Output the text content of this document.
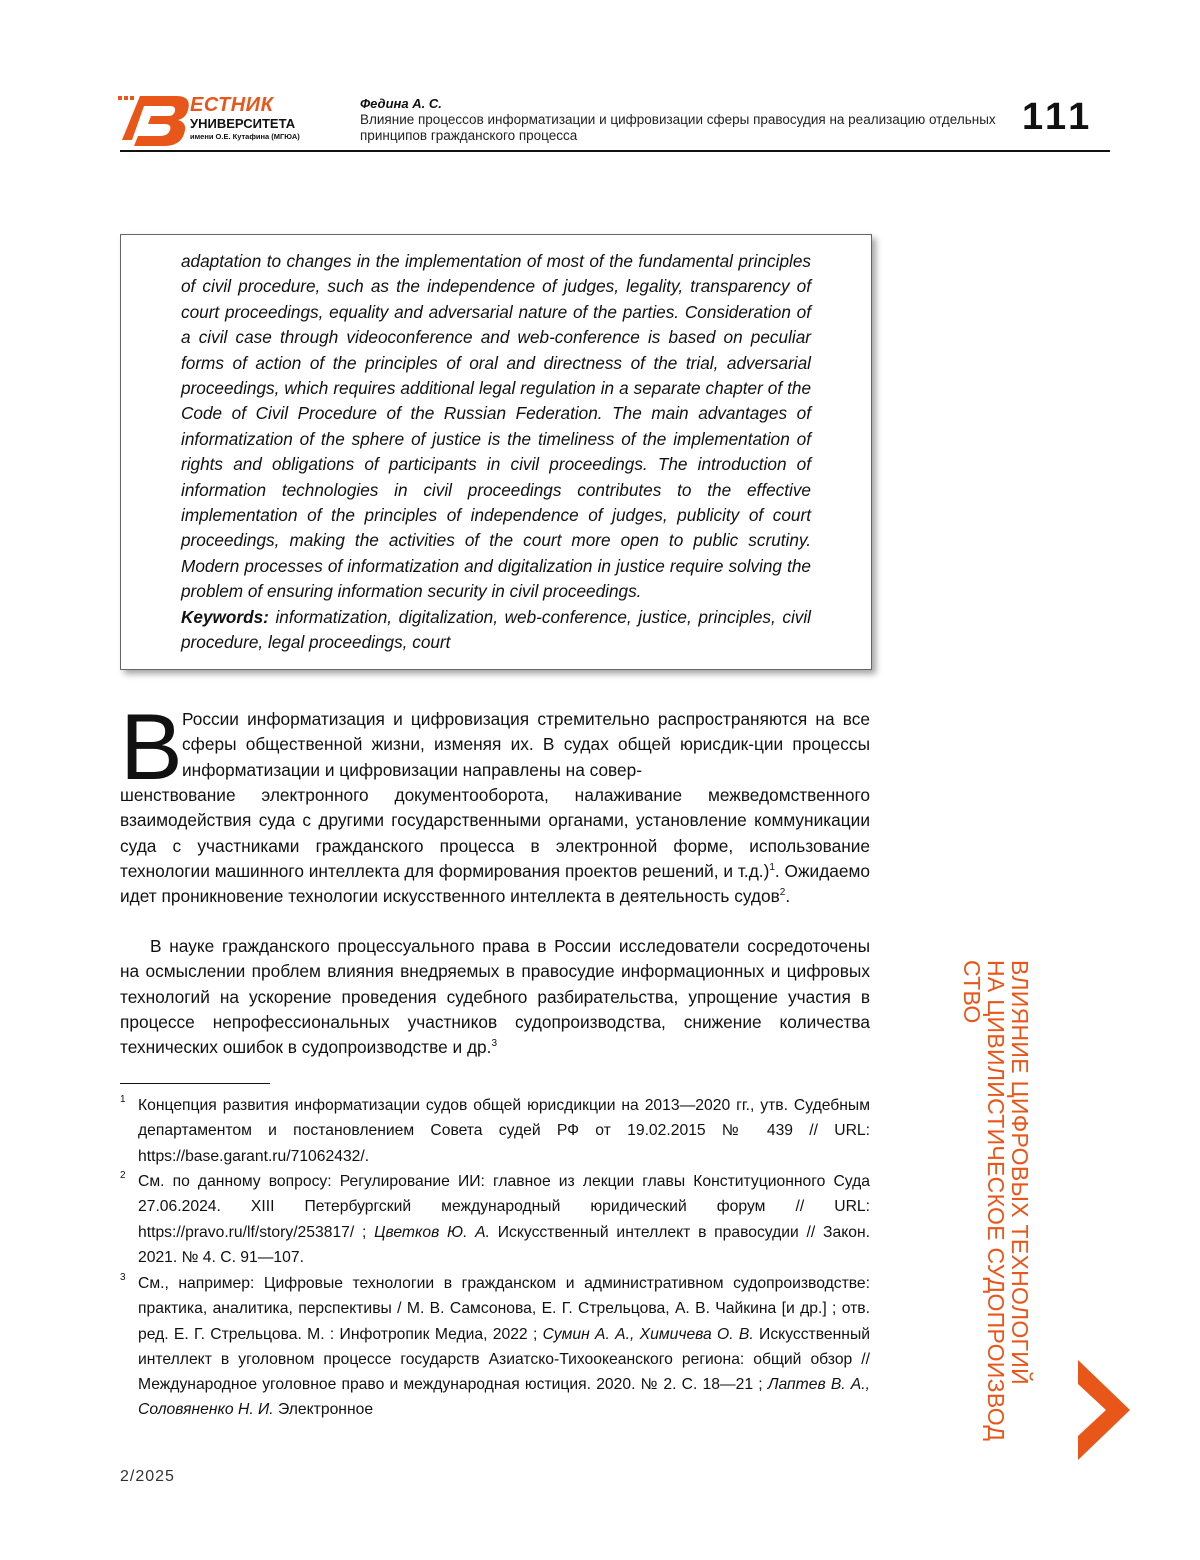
ЕСТНИК
УНИВЕРСИТЕТА
имени О.Е. Кутафина (МГЮА)
Федина А. С.
Влияние процессов информатизации и цифровизации сферы правосудия на реализацию отдельных принципов гражданского процесса	111

adaptation to changes in the implementation of most of the fundamental principles of civil procedure, such as the independence of judges, legality, transparency of court proceedings, equality and adversarial nature of the parties. Consideration of a civil case through videoconference and web-conference is based on peculiar forms of action of the principles of oral and directness of the trial, adversarial proceedings, which requires additional legal regulation in a separate chapter of the Code of Civil Procedure of the Russian Federation. The main advantages of informatization of the sphere of justice is the timeliness of the implementation of rights and obligations of participants in civil proceedings. The introduction of information technologies in civil proceedings contributes to the effective implementation of the principles of independence of judges, publicity of court proceedings, making the activities of the court more open to public scrutiny. Modern processes of informatization and digitalization in justice require solving the problem of ensuring information security in civil proceedings.
Keywords: informatization, digitalization, web-conference, justice, principles, civil procedure, legal proceedings, court

В России информатизация и цифровизация стремительно распространяются на все сферы общественной жизни, изменяя их. В судах общей юрисдик-ции процессы информатизации и цифровизации направлены на совер-

шенствование электронного документооборота, налаживание межведомственного взаимодействия суда с другими государственными органами, установление коммуникации суда с участниками гражданского процесса в электронной форме, использование технологии машинного интеллекта для формирования проектов решений, и т.д.)1. Ожидаемо идет проникновение технологии искусственного интеллекта в деятельность судов2.

В науке гражданского процессуального права в России исследователи сосредоточены на осмыслении проблем влияния внедряемых в правосудие информационных и цифровых технологий на ускорение проведения судебного разбирательства, упрощение участия в процессе непрофессиональных участников судопроизводства, снижение количества технических ошибок в судопроизводстве и др.3

1 Концепция развития информатизации судов общей юрисдикции на 2013—2020 гг., утв. Судебным департаментом и постановлением Совета судей РФ от 19.02.2015 № 439 // URL: https://base.garant.ru/71062432/.

2 См. по данному вопросу: Регулирование ИИ: главное из лекции главы Конституционного Суда 27.06.2024. XIII Петербургский международный юридический форум // URL: https://pravo.ru/lf/story/253817/ ; Цветков Ю. А. Искусственный интеллект в правосудии // Закон. 2021. № 4. С. 91—107.

3 См., например: Цифровые технологии в гражданском и административном судопроизводстве: практика, аналитика, перспективы / М. В. Самсонова, Е. Г. Стрельцова, А. В. Чайкина [и др.] ; отв. ред. Е. Г. Стрельцова. М. : Инфотропик Медиа, 2022 ; Сумин А. А., Химичева О. В. Искусственный интеллект в уголовном процессе государств Азиатско-Тихоокеанского региона: общий обзор // Международное уголовное право и международная юстиция. 2020. № 2. С. 18—21 ; Лаптев В. А., Соловяненко Н. И. Электронное

ВЛИЯНИЕ ЦИФРОВЫХ ТЕХНОЛОГИЙ
НА ЦИВИЛИСТИЧЕСКОЕ СУДОПРОИЗВОД
СТВО
2/2025
